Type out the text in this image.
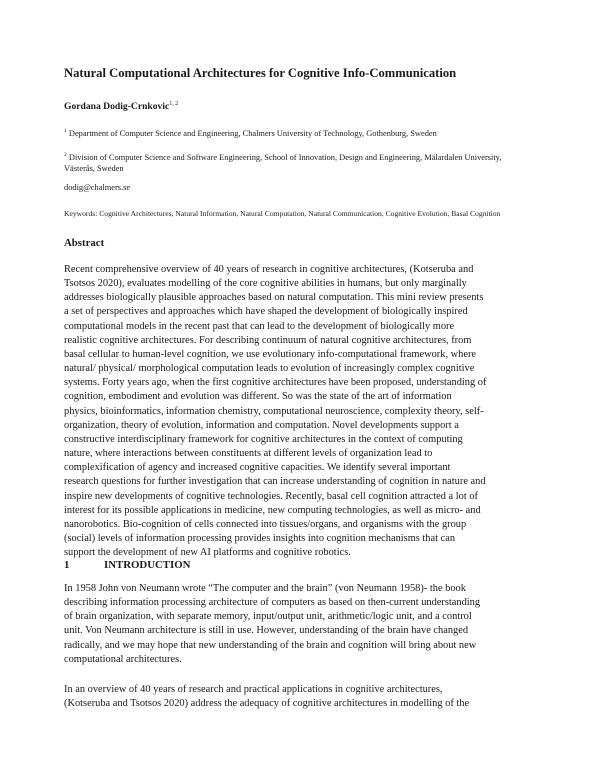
Natural Computational Architectures for Cognitive Info-Communication
Gordana Dodig-Crnkovic$^{1, 2}$
$^1$ Department of Computer Science and Engineering, Chalmers University of Technology, Gothenburg, Sweden
$^2$ Division of Computer Science and Software Engineering, School of Innovation, Design and Engineering, Mälardalen University, Västerås, Sweden
dodig@chalmers.se
Keywords: Cognitive Architectures, Natural Information, Natural Computation, Natural Communication, Cognitive Evolution, Basal Cognition
Abstract
Recent comprehensive overview of 40 years of research in cognitive architectures, (Kotseruba and
Tsotsos 2020), evaluates modelling of the core cognitive abilities in humans, but only marginally
addresses biologically plausible approaches based on natural computation. This mini review presents
a set of perspectives and approaches which have shaped the development of biologically inspired
computational models in the recent past that can lead to the development of biologically more
realistic cognitive architectures. For describing continuum of natural cognitive architectures, from
basal cellular to human-level cognition, we use evolutionary info-computational framework, where
natural/ physical/ morphological computation leads to evolution of increasingly complex cognitive
systems. Forty years ago, when the first cognitive architectures have been proposed, understanding of
cognition, embodiment and evolution was different. So was the state of the art of information
physics, bioinformatics, information chemistry, computational neuroscience, complexity theory, self-
organization, theory of evolution, information and computation. Novel developments support a
constructive interdisciplinary framework for cognitive architectures in the context of computing
nature, where interactions between constituents at different levels of organization lead to
complexification of agency and increased cognitive capacities. We identify several important
research questions for further investigation that can increase understanding of cognition in nature and
inspire new developments of cognitive technologies. Recently, basal cell cognition attracted a lot of
interest for its possible applications in medicine, new computing technologies, as well as micro- and
nanorobotics. Bio-cognition of cells connected into tissues/organs, and organisms with the group
(social) levels of information processing provides insights into cognition mechanisms that can
support the development of new AI platforms and cognitive robotics.
1	INTRODUCTION
In 1958 John von Neumann wrote “The computer and the brain” (von Neumann 1958)- the book
describing information processing architecture of computers as based on then-current understanding
of brain organization, with separate memory, input/output unit, arithmetic/logic unit, and a control
unit. Von Neumann architecture is still in use. However, understanding of the brain have changed
radically, and we may hope that new understanding of the brain and cognition will bring about new
computational architectures.
In an overview of 40 years of research and practical applications in cognitive architectures,
(Kotseruba and Tsotsos 2020) address the adequacy of cognitive architectures in modelling of the
